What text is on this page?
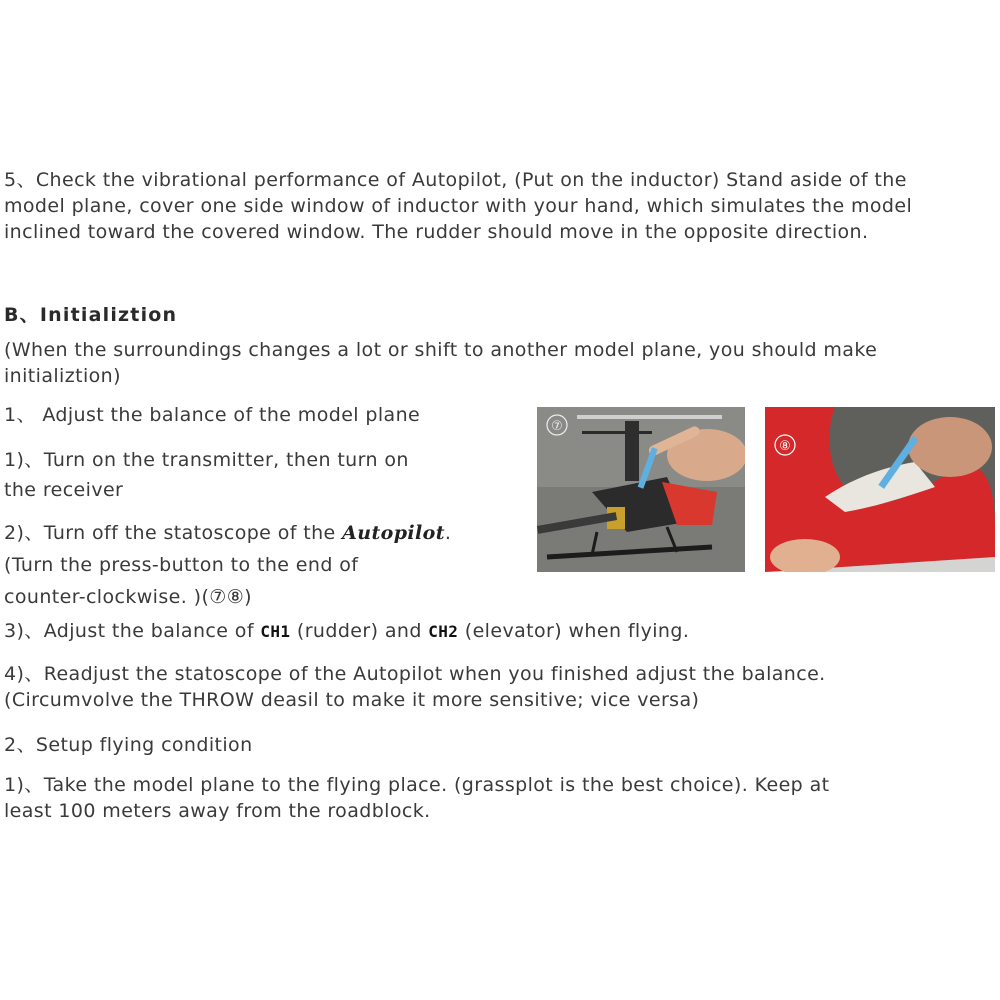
5、Check the vibrational performance of Autopilot, (Put on the inductor) Stand aside of the
model plane, cover one side window of inductor with your hand, which simulates the model
inclined toward the covered window. The rudder should move in the opposite direction.
B、Initializtion
(When the surroundings changes a lot or shift to another model plane, you should make
initializtion)
1、 Adjust the balance of the model plane
1)、Turn on the transmitter, then turn on
the receiver
2)、Turn off the statoscope of the Autopilot.
(Turn the press-button to the end of
counter-clockwise. )(⑦⑧)
3)、Adjust the balance of CH1 (rudder) and CH2 (elevator) when flying.
4)、Readjust the statoscope of the Autopilot when you finished adjust the balance.
(Circumvolve the THROW deasil to make it more sensitive; vice versa)
2、Setup flying condition
1)、Take the model plane to the flying place. (grassplot is the best choice). Keep at
least 100 meters away from the roadblock.
⑦
⑧
